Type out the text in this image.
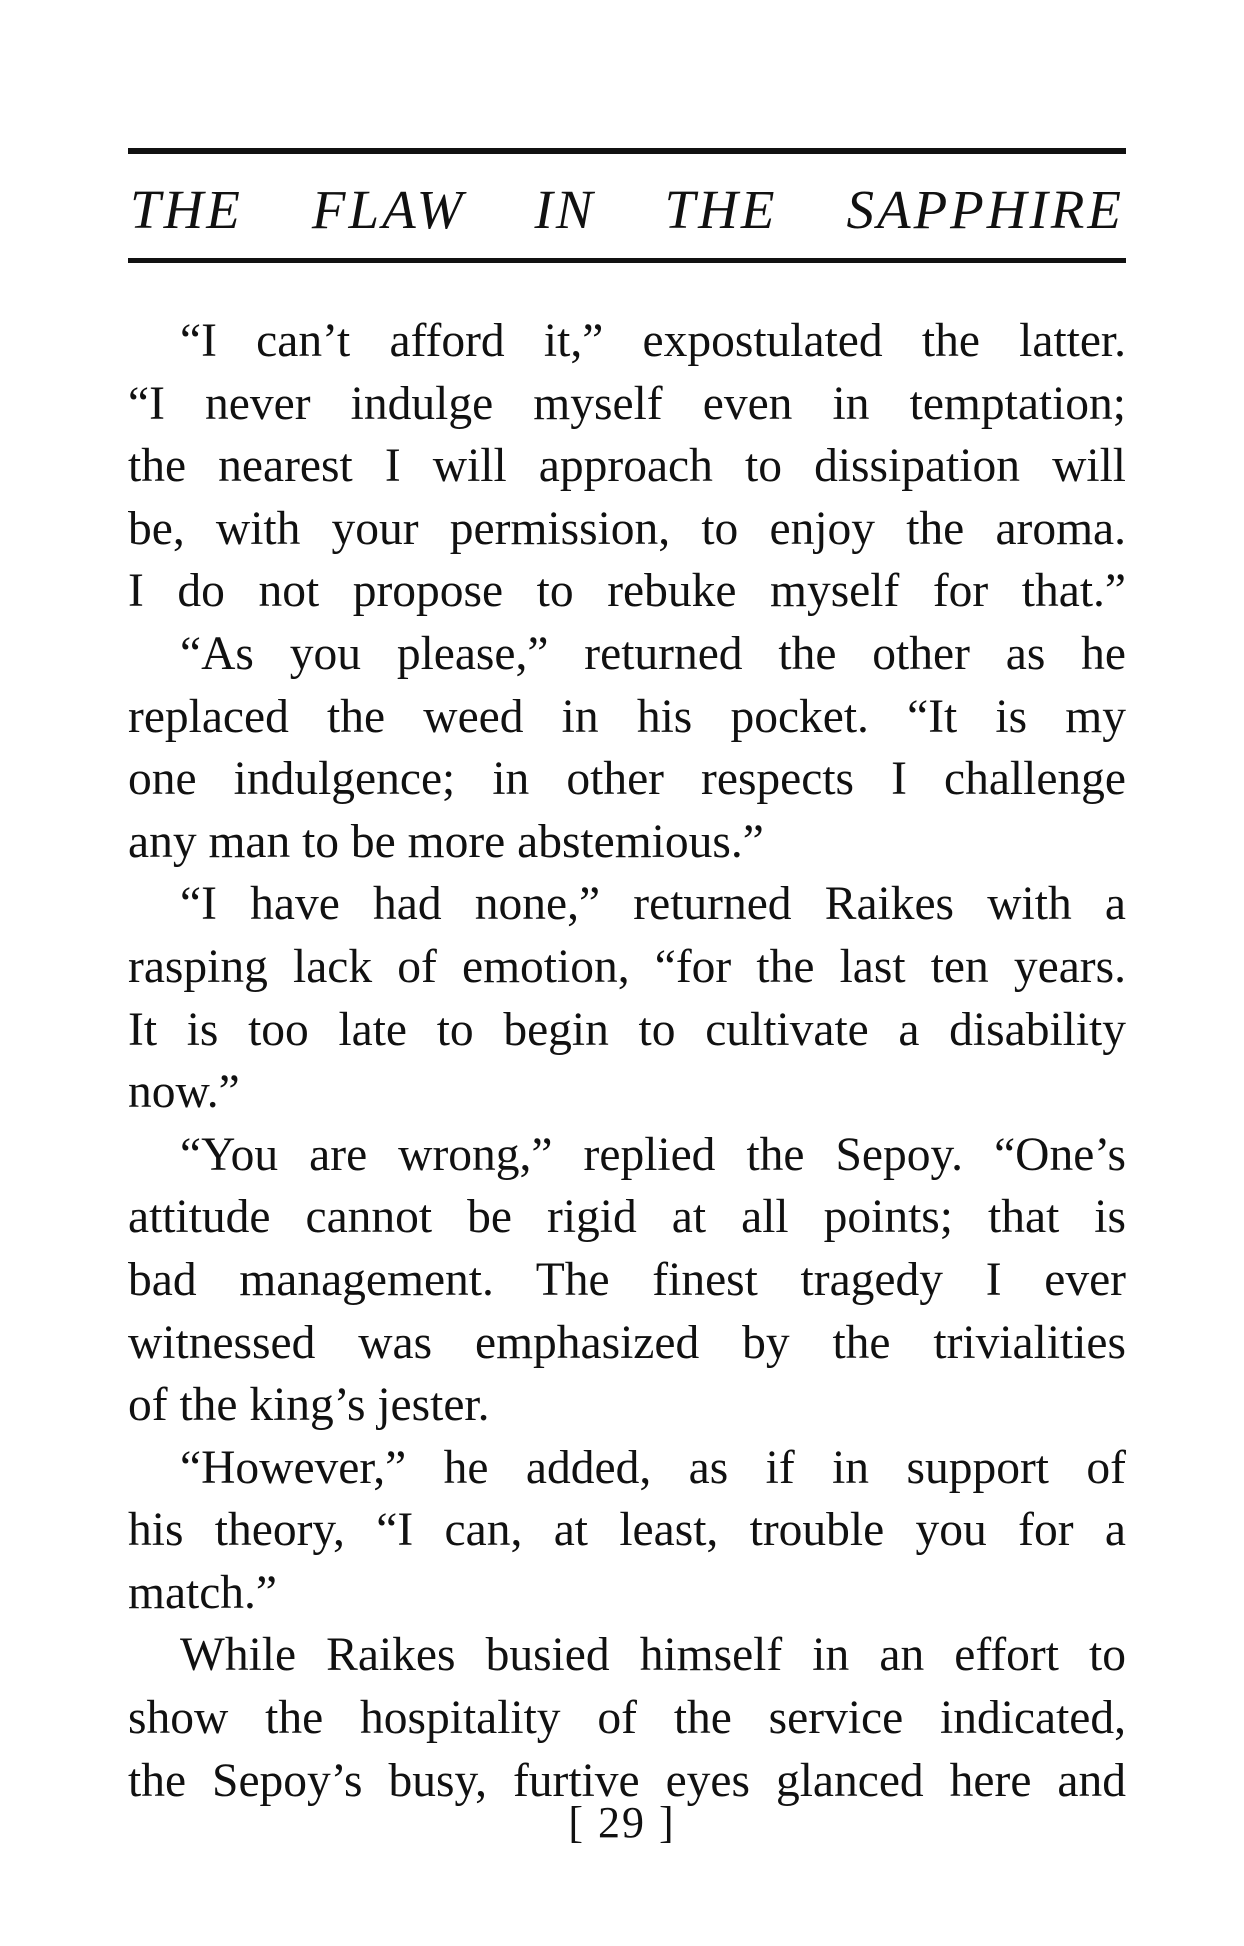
THE FLAW IN THE SAPPHIRE
“I can’t afford it,” expostulated the latter.
“I never indulge myself even in temptation;
the nearest I will approach to dissipation will
be, with your permission, to enjoy the aroma.
I do not propose to rebuke myself for that.”
“As you please,” returned the other as he
replaced the weed in his pocket. “It is my
one indulgence; in other respects I challenge
any man to be more abstemious.”
“I have had none,” returned Raikes with a
rasping lack of emotion, “for the last ten years.
It is too late to begin to cultivate a disability
now.”
“You are wrong,” replied the Sepoy. “One’s
attitude cannot be rigid at all points; that is
bad management. The finest tragedy I ever
witnessed was emphasized by the trivialities
of the king’s jester.
“However,” he added, as if in support of
his theory, “I can, at least, trouble you for a
match.”
While Raikes busied himself in an effort to
show the hospitality of the service indicated,
the Sepoy’s busy, furtive eyes glanced here and
[ 29 ]
